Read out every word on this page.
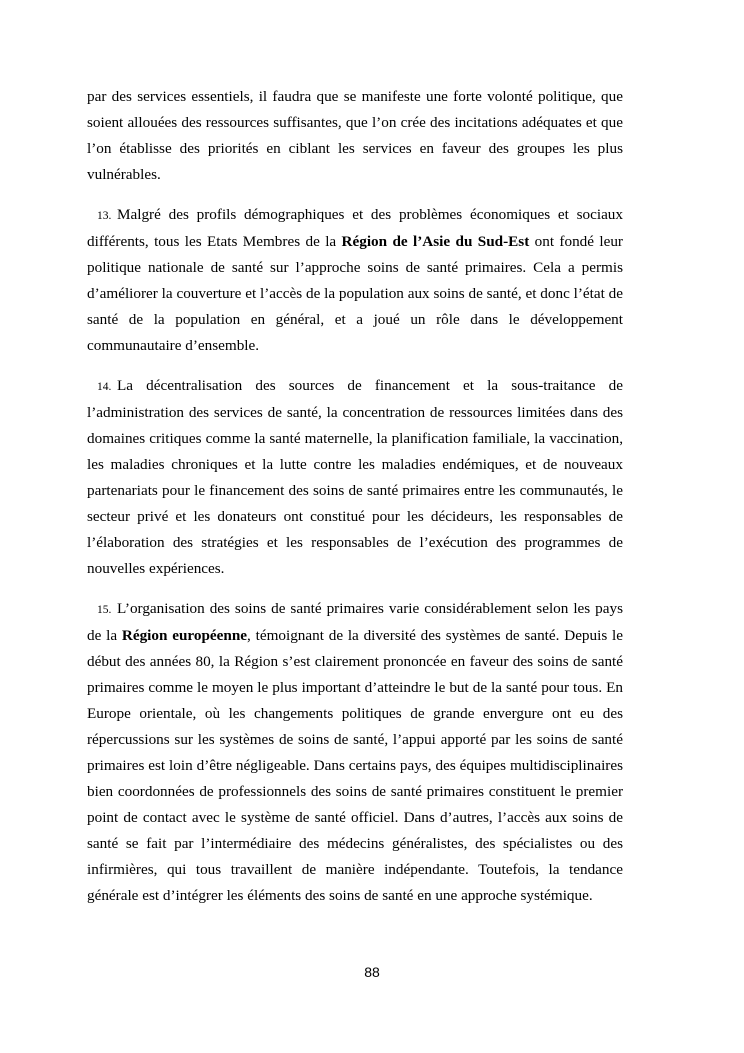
par des services essentiels, il faudra que se manifeste une forte volonté politique, que soient allouées des ressources suffisantes, que l’on crée des incitations adéquates et que l’on établisse des priorités en ciblant les services en faveur des groupes les plus vulnérables.

13. Malgré des profils démographiques et des problèmes économiques et sociaux différents, tous les Etats Membres de la Région de l’Asie du Sud-Est ont fondé leur politique nationale de santé sur l’approche soins de santé primaires. Cela a permis d’améliorer la couverture et l’accès de la population aux soins de santé, et donc l’état de santé de la population en général, et a joué un rôle dans le développement communautaire d’ensemble.

14. La décentralisation des sources de financement et la sous-traitance de l’administration des services de santé, la concentration de ressources limitées dans des domaines critiques comme la santé maternelle, la planification familiale, la vaccination, les maladies chroniques et la lutte contre les maladies endémiques, et de nouveaux partenariats pour le financement des soins de santé primaires entre les communautés, le secteur privé et les donateurs ont constitué pour les décideurs, les responsables de l’élaboration des stratégies et les responsables de l’exécution des programmes de nouvelles expériences.

15. L’organisation des soins de santé primaires varie considérablement selon les pays de la Région européenne, témoignant de la diversité des systèmes de santé. Depuis le début des années 80, la Région s’est clairement prononcée en faveur des soins de santé primaires comme le moyen le plus important d’atteindre le but de la santé pour tous. En Europe orientale, où les changements politiques de grande envergure ont eu des répercussions sur les systèmes de soins de santé, l’appui apporté par les soins de santé primaires est loin d’être négligeable. Dans certains pays, des équipes multidisciplinaires bien coordonnées de professionnels des soins de santé primaires constituent le premier point de contact avec le système de santé officiel. Dans d’autres, l’accès aux soins de santé se fait par l’intermédiaire des médecins généralistes, des spécialistes ou des infirmières, qui tous travaillent de manière indépendante. Toutefois, la tendance générale est d’intégrer les éléments des soins de santé en une approche systémique.

88
